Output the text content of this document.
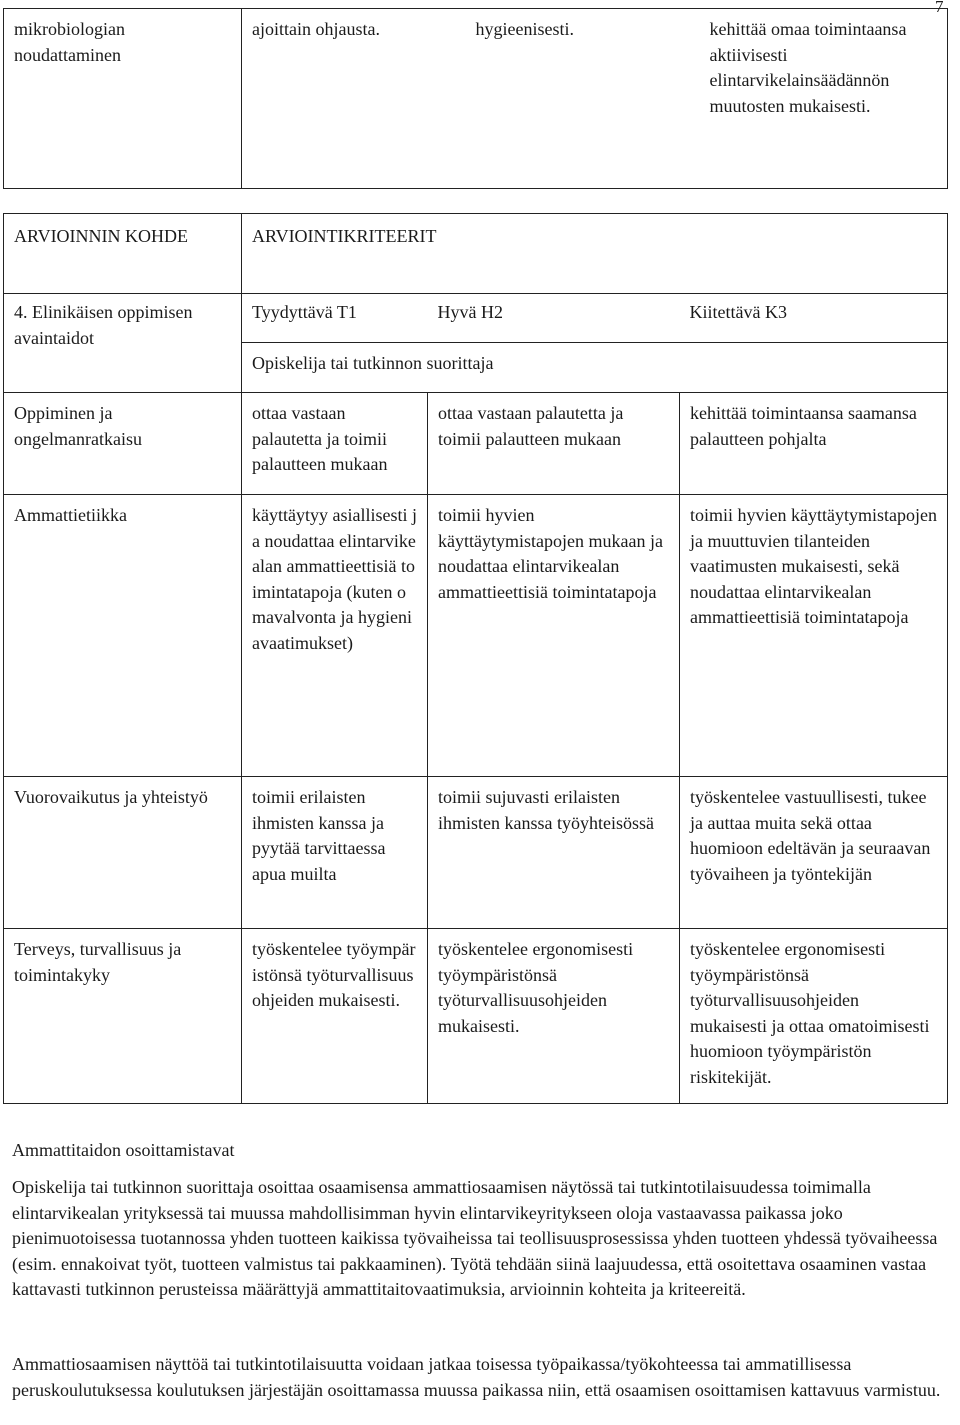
7
mikrobiologian noudattaminen	ajoittain ohjausta.	hygieenisesti.	kehittää omaa toimintaansa aktiivisesti elintarvikelainsäädännön muutosten mukaisesti.
ARVIOINNIN KOHDE	ARVIOINTIKRITEERIT		
4. Elinikäisen oppimisen avaintaidot	Tyydyttävä T1	Hyvä H2	Kiitettävä K3
	Opiskelija tai tutkinnon suorittaja		
Oppiminen ja ongelmanratkaisu	ottaa vastaan palautetta ja toimii palautteen mukaan	ottaa vastaan palautetta ja toimii palautteen mukaan	kehittää toimintaansa saamansa palautteen pohjalta
Ammattietiikka	käyttäytyy asiallisesti ja noudattaa elintarvikealan ammattieettisiä toimintatapoja (kuten omavalvonta ja hygieniavaatimukset)	toimii hyvien käyttäytymistapojen mukaan ja noudattaa elintarvikealan ammattieettisiä toimintatapoja	toimii hyvien käyttäytymistapojen ja muuttuvien tilanteiden vaatimusten mukaisesti, sekä noudattaa elintarvikealan ammattieettisiä toimintatapoja
Vuorovaikutus ja yhteistyö	toimii erilaisten ihmisten kanssa ja pyytää tarvittaessa apua muilta	toimii sujuvasti erilaisten ihmisten kanssa työyhteisössä	työskentelee vastuullisesti, tukee ja auttaa muita sekä ottaa huomioon edeltävän ja seuraavan työvaiheen ja työntekijän
Terveys, turvallisuus ja toimintakyky	työskentelee työympäristönsä työturvallisuusohjeiden mukaisesti.	työskentelee ergonomisesti työympäristönsä työturvallisuusohjeiden mukaisesti.	työskentelee ergonomisesti työympäristönsä työturvallisuusohjeiden mukaisesti ja ottaa omatoimisesti huomioon työympäristön riskitekijät.

Ammattitaidon osoittamistavat

Opiskelija tai tutkinnon suorittaja osoittaa osaamisensa ammattiosaamisen näytössä tai tutkintotilaisuudessa toimimalla elintarvikealan yrityksessä tai muussa mahdollisimman hyvin elintarvikeyritykseen oloja vastaavassa paikassa joko pienimuotoisessa tuotannossa yhden tuotteen kaikissa työvaiheissa tai teollisuusprosessissa yhden tuotteen yhdessä työvaiheessa (esim. ennakoivat työt, tuotteen valmistus tai pakkaaminen). Työtä tehdään siinä laajuudessa, että osoitettava osaaminen vastaa kattavasti tutkinnon perusteissa määrättyjä ammattitaitovaatimuksia, arvioinnin kohteita ja kriteereitä.

Ammattiosaamisen näyttöä tai tutkintotilaisuutta voidaan jatkaa toisessa työpaikassa/työkohteessa tai ammatillisessa peruskoulutuksessa koulutuksen järjestäjän osoittamassa muussa paikassa niin, että osaamisen osoittamisen kattavuus varmistuu.
